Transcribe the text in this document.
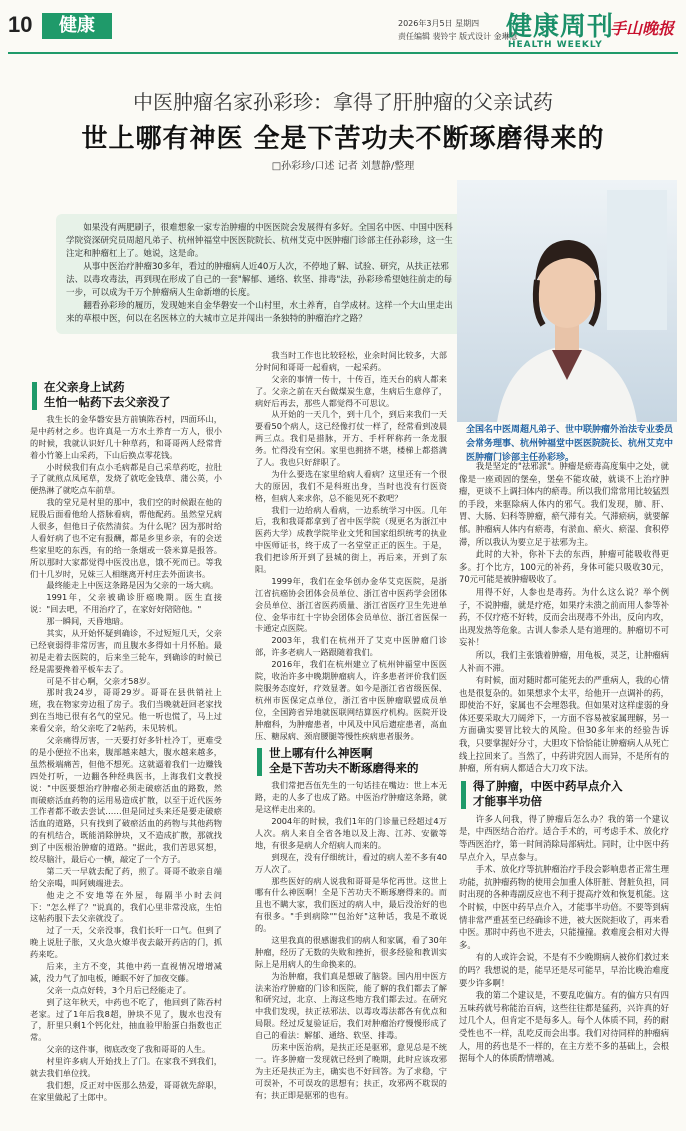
10	健康	2026年3月5日 星期四
责任编辑 裴铃宇 版式设计 金琳慧
健康周刊
HEALTH WEEKLY
手山晚报
中医肿瘤名家孙彩珍：拿得了肝肿瘤的父亲试药
世上哪有神医 全是下苦功夫不断琢磨得来的
□孙彩珍/口述 记者 刘慧静/整理

如果没有两肥刷子，很难想象一家专治肿瘤的中医医院会发展得有多好。全国名中医、中国中医科学院资深研究员周超凡弟子、杭州钟福堂中医医院院长、杭州艾克中医肿瘤门诊部主任孙彩珍，这一生注定和肿瘤杠上了。她说，这是命。

从事中医治疗肿瘤30多年，看过的肿瘤病人近40万人次，不停地了解、试验、研究，从扶正祛邪法、以毒攻毒法，再到现在形成了自己的一套"解郁、通络、软坚、排毒"法，孙彩珍希望她往前走的每一步，可以成为千万个肿瘤病人生命新增的长度。

翻看孙彩珍的履历，发现她来自金华磐安一个山村里，水土养育，自学成材。这样一个大山里走出来的草根中医，何以在名医林立的大城市立足并闯出一条独特的肿瘤治疗之路？

全国名中医周超凡弟子、世中联肿瘤外治法专业委员会常务理事、杭州钟福堂中医医院院长、杭州艾克中医肿瘤门诊部主任孙彩珍。
在父亲身上试药
生怕一帖药下去父亲没了

我生长的金华磐安县方前镇陈吞村，四面环山，是中药材之乡。也许真是一方水土养育一方人，很小的时候，我就认识好几十种草药，和哥哥两人经常背着小竹篓上山采药，下山后换点零花钱。

小时候我们有点小毛病都是自己采草药吃，拉肚子了就煎点凤尾草，发烧了就吃金钱草、蒲公英，小便热淋了就吃点车前草。

我的堂兄是村里的那中，我们空的时候跟在他的屁股后面看他给人搭脉看病，帮他配药。虽然堂兄病人很多，但他日子依然清贫。为什么呢？因为那时给人看好病了也不定有报酬，都是乡里乡亲，有的会送些家里吃的东西，有的给一条烟或一袋米算是报答。所以那时大家都觉得中医没出息，饿不死而已。等我们十几岁时，兄妹三人相继离开村庄去外面读书。

最终能走上中医这条路是因为父亲的一场大病。

1991年，父亲被确诊肝癌晚期。医生直接说："回去吧，不用治疗了，在家好好陪陪他。"

那一瞬间，天昏地暗。

其实，从开始怀疑到确诊，不过短短几天，父亲已经衰弱得非常厉害，而且腹水多得如十月怀胎。最初是走着去医院的，后来坐三轮车，到确诊的时候已经是需要搀着平板车去了。

可是不甘心啊，父亲才58岁。

那时我24岁，哥哥29岁。哥哥在县供销社上班，我在物家旁边租了房子。我们当晚就赶回老家找到在当地已很有名气的堂兄。他一听也慌了，马上过来看父亲，给父亲吃了2帖药，未见转机。

父亲痛得厉害，一天要打好多针杜冷丁，更难受的是小便拉不出来，腹部越来越大，腹水越来越多，虽然极端痛苦，但他不想死。这就逼着我们一边赚钱四处打听，一边翻各种经典医书，上海我们文教授说："中医要想治疗肿瘤必须走破瘀活血的路数，然而破瘀活血药物的运用易造成扩散，以至于近代医务工作者都不敢去尝试……但是同过头来还是要走破瘀活血的道路，只有找到了破瘀活血的药物与其他药物的有机结合，既能消除肿块，又不造成扩散，那就找到了中医根治肿瘤的道路。"据此，我们苦思冥想，绞尽脑汁，最后心一横，敲定了一个方子。

第二天一早就去配了药，煎了。哥哥不敢亲自端给父亲喝，叫阿姨端进去。

他走之不安地等在外屋，每隔半小时去问下："怎么样了？"说真的，我们心里非常没底，生怕这帖药服下去父亲就没了。

过了一天，父亲没事，我们长吁一口气。但到了晚上说肚子胀，又火急火燎半夜去敲开药店的门，抓药来吃。

后来，主方不变，其他中药一直视情况增增减减，没力气了加电板，睡眠不好了加夜交藤。

父亲一点点好转，3个月后已经能走了。

到了这年秋天，中药也不吃了，他回到了陈吞村老家。过了1年后我8超，肿块不见了，腹水也没有了，肝里只剩1个钙化灶，抽血验甲胎蛋白指数也正常。

父亲的这件事，彻底改变了我和哥哥的人生。

村里许多病人开始找上了门。在家我不到我们，就去我们单位找。

我们想，反正对中医那么热爱，哥哥就先辞职，在家里做起了土郎中。

我当时工作也比较轻松，业余时间比较多，大部分时间和哥哥一起看病，一起采药。

父亲的事情一传十，十传百，连天台的病人都来了。父亲之前在天台做煤炭生意，生病后生意停了，病好后再去，那些人都觉得不可思议。

从开始的一天几个，到十几个，到后来我们一天要看50个病人，这已经像打仗一样了，经常看到凌晨两三点。我们是措脉，开方、手杆秤称药一条龙服务。忙得没有空闲。家里也拥挤不堪，楼梯上都搭满了人。我也只好辞职了。

为什么要选在家里给病人看病？这里还有一个很大的原因，我们不是科班出身，当时也没有行医资格，但病人来求你，总不能见死不救吧？

我们一边给病人看病，一边系统学习中医。几年后，我和我哥都拿到了省中医学院（现更名为浙江中医药大学）成教学院毕业文凭和国家组织统考的执业中医师证书，终于成了一名堂堂正正的医生。于是，我们把诊所开到了县城的街上，再后来，开到了东阳。

1999年，我们在金华创办金华艾克医院，是浙江省抗癌协会团体会员单位、浙江省中医药学会团体会员单位、浙江省医药质量、浙江省医疗卫生先进单位、金华市红十字协会团体会员单位、浙江省医保一卡通定点医院。

2003年，我们在杭州开了艾克中医肿瘤门诊部，许多老病人一路跟随着我们。

2016年，我们在杭州建立了杭州钟福堂中医医院，收治许多中晚期肿瘤病人，许多患者评价我们医院服务态度好，疗效显著。如今是浙江省省级医保、杭州市医保定点单位，浙江省中医肿瘤联盟成员单位，全国跨省异地就医联网结算医疗机构。医院开设肿瘤科，为肿瘤患者，中风及中风后遗症患者，高血压、糖尿病、颈肩腰腿等慢性疾病患者服务。

世上哪有什么神医啊
全是下苦功夫不断琢磨得来的

我们常把吾伍先生的一句话挂在嘴边：世上本无路，走的人多了也成了路。中医治疗肿瘤这条路，就是这样走出来的。

2004年的时候，我们1年的门诊量已经超过4万人次。病人来自全省各地以及上海、江苏、安徽等地，有很多是病人介绍病人而来的。

到现在，没有仔细统计，看过的病人差不多有40万人次了。

那些医好的病人说我和哥哥是华佗再世。这世上哪有什么神医啊！全是下苦功夫不断琢磨得来的。而且也不瞒大家，我们医过的病人中，最后没治好的也有很多。"手到病除""包治好"这种话，我是不敢说的。

这里我真的很感谢我们的病人和家属，看了30年肿瘤，经历了无数的失败和挫折，很多经验和教训实际上是用病人的生命换来的。

为治肿瘤，我们真是想破了脑袋。国内用中医方法来治疗肿瘤的门诊和医院，能了解的我们都去了解和研究过，北京、上海这些地方我们都去过。在研究中我们发现，扶正祛邪法、以毒攻毒法都各有优点和局限。经过反复验证后，我们对肿瘤治疗慢慢形成了自己的看法：解郁、通络、软坚、排毒。

历来中医治病，是扶正还是驱邪，意见总是不统一。许多肿瘤一发现就已经到了晚期，此时应该攻邪为主还是扶正为主，确实也不好回答。为了求稳，宁可误补，不可误攻的思想有；扶正，攻邪两不耽误的有；扶正即是驱邪的也有。

我是坚定的"祛邪派"。肿瘤是瘀毒高度集中之处，就像是一座顽固的堡垒，堡垒不能攻破，就谈不上治疗肿瘤，更谈不上调扫体内的瘀毒。所以我们常常用比较猛烈的手段，来驱除病人体内的邪气。我们发现，肺、肝、胃、大肠、妇科等肿瘤，瘀气滞有关。气滞瘀病，就要解郁。肿瘤病人体内有瘀毒，有淤血、瘀火、瘀湿、食积停滞，所以我认为要立足于祛邪为主。

此时的大补，你补下去的东西，肿瘤可能吸收得更多。打个比方，100元的补药，身体可能只吸收30元，70元可能是被肿瘤吸收了。

用得不好，人参也是毒药。为什么这么说？举个例子，不说肿瘤，就是疗疮，如果疗未溃之前而用人参等补药，不仅疗疮不好转，反而会出现毒不外出，反向内攻，出现发热等危象。古训人参杀人是有道理的。肿瘤切不可妄补！

所以，我们主张饿着肿瘤，用龟板，灵芝，让肿瘤病人补而不滞。

有时候，面对随时都可能死去的严重病人，我的心情也是很复杂的。如果想求个太平，给他开一点调补的药，即使治不好，家属也不会埋怨我。但如果对这样虚弱的身体还要采取大刀阔斧下，一方面不容易被家属理解，另一方面确实要冒比较大的风险。但30多年来的经验告诉我，只要掌握好分寸，大胆攻下恰恰能让肿瘤病人从死亡线上拉回来了。当然了，中药讲究因人而异，不是所有的肿瘤，所有病人都适合大刀攻下法。

得了肿瘤，中医中药早点介入
才能事半功倍

许多人问我，得了肿瘤后怎么办？我的第一个建议是，中西医结合治疗。适合手术的，可考虑手术、放化疗等西医治疗，第一时间消除局部病灶。同时，让中医中药早点介入，早点参与。

手术、放化疗等抗肿瘤治疗手段会影响患者正常生理功能，抗肿瘤药物的使用会加重人体肝脏、肾脏负担，同时出现的各种毒副反应也不利于提高疗效和恢复机能。这个时候，中医中药早点介入，才能事半功倍。不要等到病情非常严重甚至已经确诊不进，被大医院拒收了，再来看中医。那时中药也不进去，只能撞撞。救难度会相对大得多。

有的人或许会说，不是有不少晚期病人被你们救过来的吗？我想说的是，能早还是尽可能早，早治比晚治难度要少许多啊！

我的第二个建议是，不要乱吃偏方。有的偏方只有四五味药就号称能治百病，这些往往都是猛药，兴许真的好过几个人，但肯定不是每多人。每个人体质不同，药的耐受性也不一样，乱吃反而会出事。我们对待同样的肿瘤病人，用的药也是不一样的，在主方差不多的基础上，会根据每个人的体质酌情增减。
